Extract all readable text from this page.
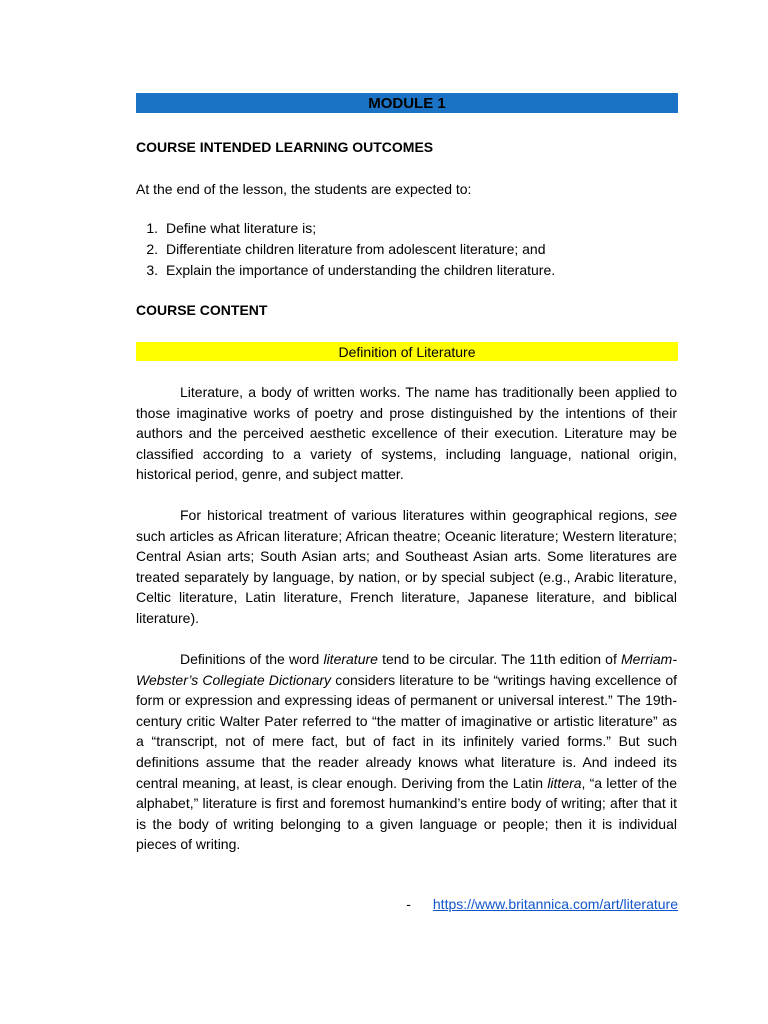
MODULE 1
COURSE INTENDED LEARNING OUTCOMES
At the end of the lesson, the students are expected to:
1. Define what literature is;
2. Differentiate children literature from adolescent literature; and
3. Explain the importance of understanding the children literature.
COURSE CONTENT
Definition of Literature

Literature, a body of written works. The name has traditionally been applied to those imaginative works of poetry and prose distinguished by the intentions of their authors and the perceived aesthetic excellence of their execution. Literature may be classified according to a variety of systems, including language, national origin, historical period, genre, and subject matter.

For historical treatment of various literatures within geographical regions, see such articles as African literature; African theatre; Oceanic literature; Western literature; Central Asian arts; South Asian arts; and Southeast Asian arts. Some literatures are treated separately by language, by nation, or by special subject (e.g., Arabic literature, Celtic literature, Latin literature, French literature, Japanese literature, and biblical literature).

Definitions of the word literature tend to be circular. The 11th edition of Merriam-Webster’s Collegiate Dictionary considers literature to be “writings having excellence of form or expression and expressing ideas of permanent or universal interest.” The 19th-century critic Walter Pater referred to “the matter of imaginative or artistic literature” as a “transcript, not of mere fact, but of fact in its infinitely varied forms.” But such definitions assume that the reader already knows what literature is. And indeed its central meaning, at least, is clear enough. Deriving from the Latin littera, “a letter of the alphabet,” literature is first and foremost humankind’s entire body of writing; after that it is the body of writing belonging to a given language or people; then it is individual pieces of writing.

- https://www.britannica.com/art/literature
